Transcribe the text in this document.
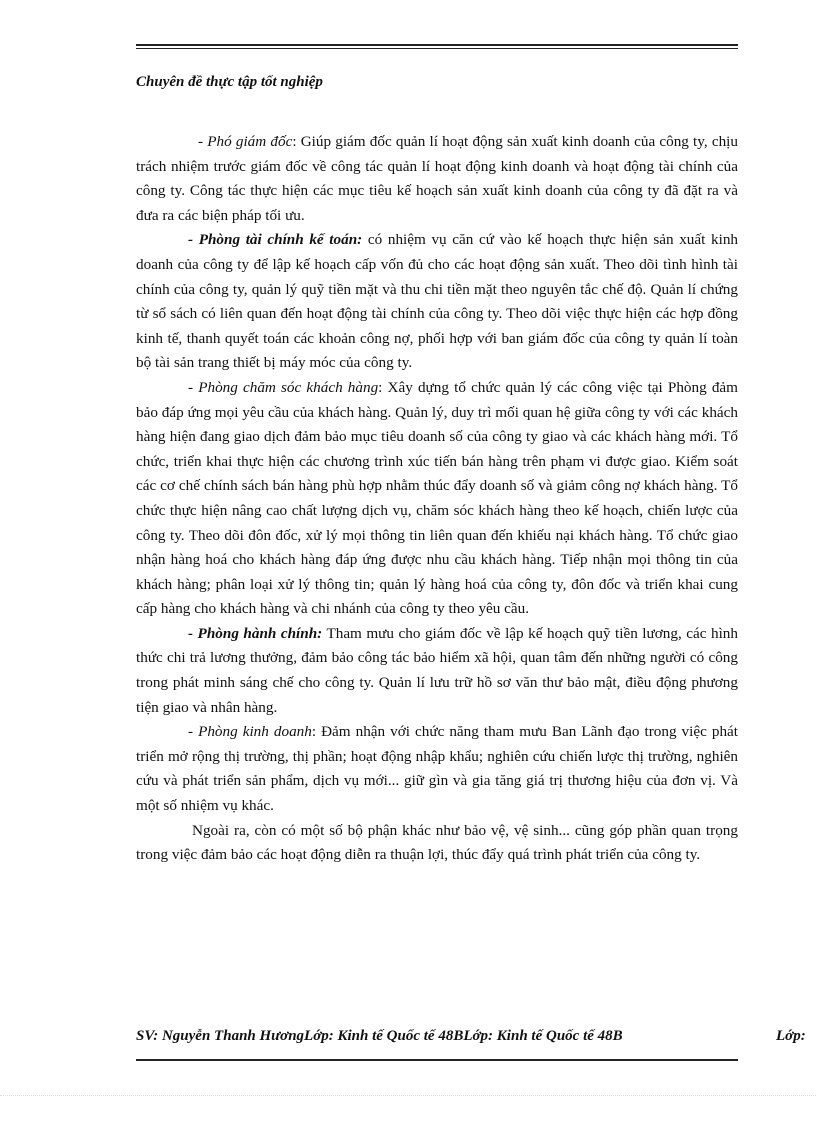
Chuyên đề thực tập tốt nghiệp

- Phó giám đốc: Giúp giám đốc quản lí hoạt động sản xuất kinh doanh của công ty, chịu trách nhiệm trước giám đốc về công tác quản lí hoạt động kinh doanh và hoạt động tài chính của công ty. Công tác thực hiện các mục tiêu kế hoạch sản xuất kinh doanh của công ty đã đặt ra và đưa ra các biện pháp tối ưu.

- Phòng tài chính kế toán: có nhiệm vụ căn cứ vào kế hoạch thực hiện sản xuất kinh doanh của công ty để lập kế hoạch cấp vốn đủ cho các hoạt động sản xuất. Theo dõi tình hình tài chính của công ty, quản lý quỹ tiền mặt và thu chi tiền mặt theo nguyên tắc chế độ. Quản lí chứng từ sổ sách có liên quan đến hoạt động tài chính của công ty. Theo dõi việc thực hiện các hợp đồng kinh tế, thanh quyết toán các khoản công nợ, phối hợp với ban giám đốc của công ty quản lí toàn bộ tài sản trang thiết bị máy móc của công ty.

- Phòng chăm sóc khách hàng: Xây dựng tổ chức quản lý các công việc tại Phòng đảm bảo đáp ứng mọi yêu cầu của khách hàng. Quản lý, duy trì mối quan hệ giữa công ty với các khách hàng hiện đang giao dịch đảm bảo mục tiêu doanh số của công ty giao và các khách hàng mới. Tổ chức, triển khai thực hiện các chương trình xúc tiến bán hàng trên phạm vi được giao. Kiểm soát các cơ chế chính sách bán hàng phù hợp nhằm thúc đẩy doanh số và giảm công nợ khách hàng. Tổ chức thực hiện nâng cao chất lượng dịch vụ, chăm sóc khách hàng theo kế hoạch, chiến lược của công ty. Theo dõi đôn đốc, xử lý mọi thông tin liên quan đến khiếu nại khách hàng. Tổ chức giao nhận hàng hoá cho khách hàng đáp ứng được nhu cầu khách hàng. Tiếp nhận mọi thông tin của khách hàng; phân loại xử lý thông tin; quản lý hàng hoá của công ty, đôn đốc và triển khai cung cấp hàng cho khách hàng và chi nhánh của công ty theo yêu cầu.

- Phòng hành chính: Tham mưu cho giám đốc về lập kế hoạch quỹ tiền lương, các hình thức chi trả lương thưởng, đảm bảo công tác bảo hiểm xã hội, quan tâm đến những người có công trong phát minh sáng chế cho công ty. Quản lí lưu trữ hồ sơ văn thư bảo mật, điều động phương tiện giao và nhân hàng.

- Phòng kinh doanh: Đảm nhận với chức năng tham mưu Ban Lãnh đạo trong việc phát triển mở rộng thị trường, thị phần; hoạt động nhập khẩu; nghiên cứu chiến lược thị trường, nghiên cứu và phát triển sản phẩm, dịch vụ mới... giữ gìn và gia tăng giá trị thương hiệu của đơn vị. Và một số nhiệm vụ khác.

Ngoài ra, còn có một số bộ phận khác như bảo vệ, vệ sinh... cũng góp phần quan trọng trong việc đảm bảo các hoạt động diễn ra thuận lợi, thúc đẩy quá trình phát triển của công ty.

SV: Nguyễn Thanh HươngLớp: Kinh tế Quốc tế 48BLớp: Kinh tế Quốc tế 48B	Lớp:
